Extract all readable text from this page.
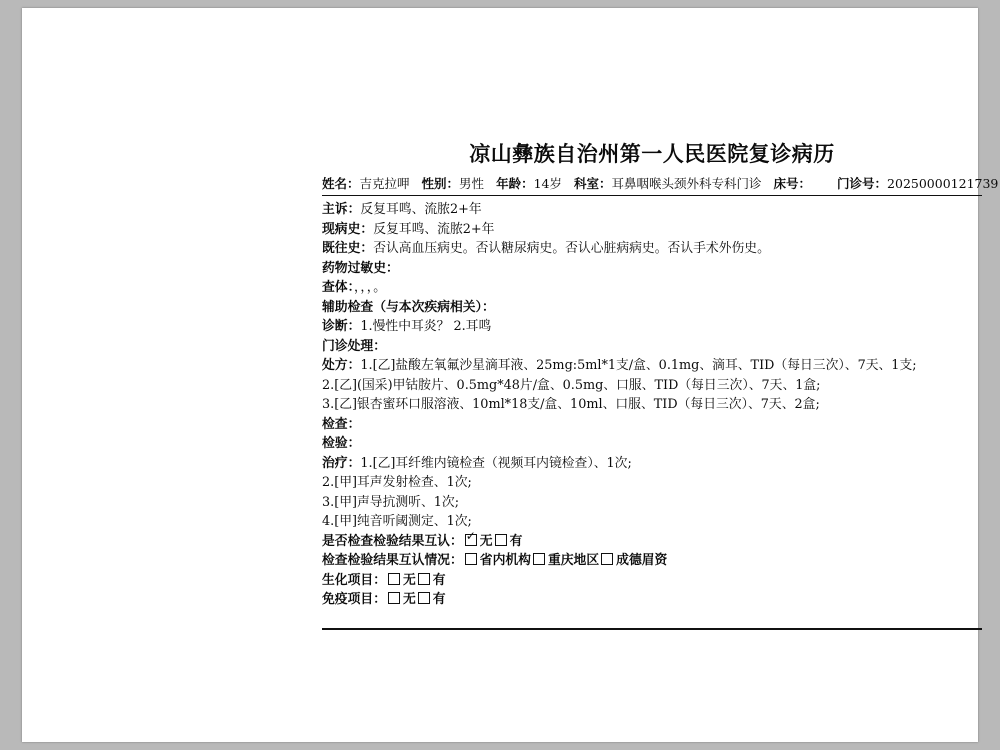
凉山彝族自治州第一人民医院复诊病历
姓名：吉克拉呷 性别：男性 年龄：14岁 科室：耳鼻咽喉头颈外科专科门诊 床号： 门诊号：20250000121739
主诉：反复耳鸣、流脓2+年
现病史：反复耳鸣、流脓2+年
既往史：否认高血压病史。否认糖尿病史。否认心脏病病史。否认手术外伤史。
药物过敏史：
查体：，，，。
辅助检查（与本次疾病相关）：
诊断：1.慢性中耳炎？ 2.耳鸣
门诊处理：
处方：1.[乙]盐酸左氧氟沙星滴耳液、25mg:5ml*1支/盒、0.1mg、滴耳、TID（每日三次）、7天、1支;
2.[乙](国采)甲钴胺片、0.5mg*48片/盒、0.5mg、口服、TID（每日三次）、7天、1盒;
3.[乙]银杏蜜环口服溶液、10ml*18支/盒、10ml、口服、TID（每日三次）、7天、2盒;
检查：
检验：
治疗：1.[乙]耳纤维内镜检查（视频耳内镜检查）、1次;
2.[甲]耳声发射检查、1次;
3.[甲]声导抗测听、1次;
4.[甲]纯音听阈测定、1次;
是否检查检验结果互认： ✓ 无 有
检查检验结果互认情况： 省内机构 重庆地区 成德眉资
生化项目： 无 有
免疫项目： 无 有
